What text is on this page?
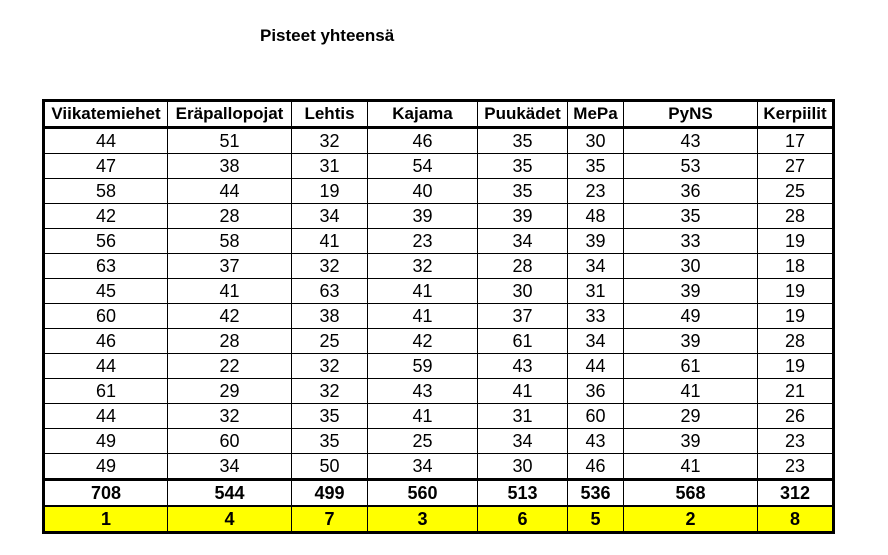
Pisteet yhteensä
Viikatemiehet	Eräpallopojat	Lehtis	Kajama	Puukädet	MePa	PyNS	Kerpiilit
44	51	32	46	35	30	43	17
47	38	31	54	35	35	53	27
58	44	19	40	35	23	36	25
42	28	34	39	39	48	35	28
56	58	41	23	34	39	33	19
63	37	32	32	28	34	30	18
45	41	63	41	30	31	39	19
60	42	38	41	37	33	49	19
46	28	25	42	61	34	39	28
44	22	32	59	43	44	61	19
61	29	32	43	41	36	41	21
44	32	35	41	31	60	29	26
49	60	35	25	34	43	39	23
49	34	50	34	30	46	41	23
708	544	499	560	513	536	568	312
1	4	7	3	6	5	2	8
